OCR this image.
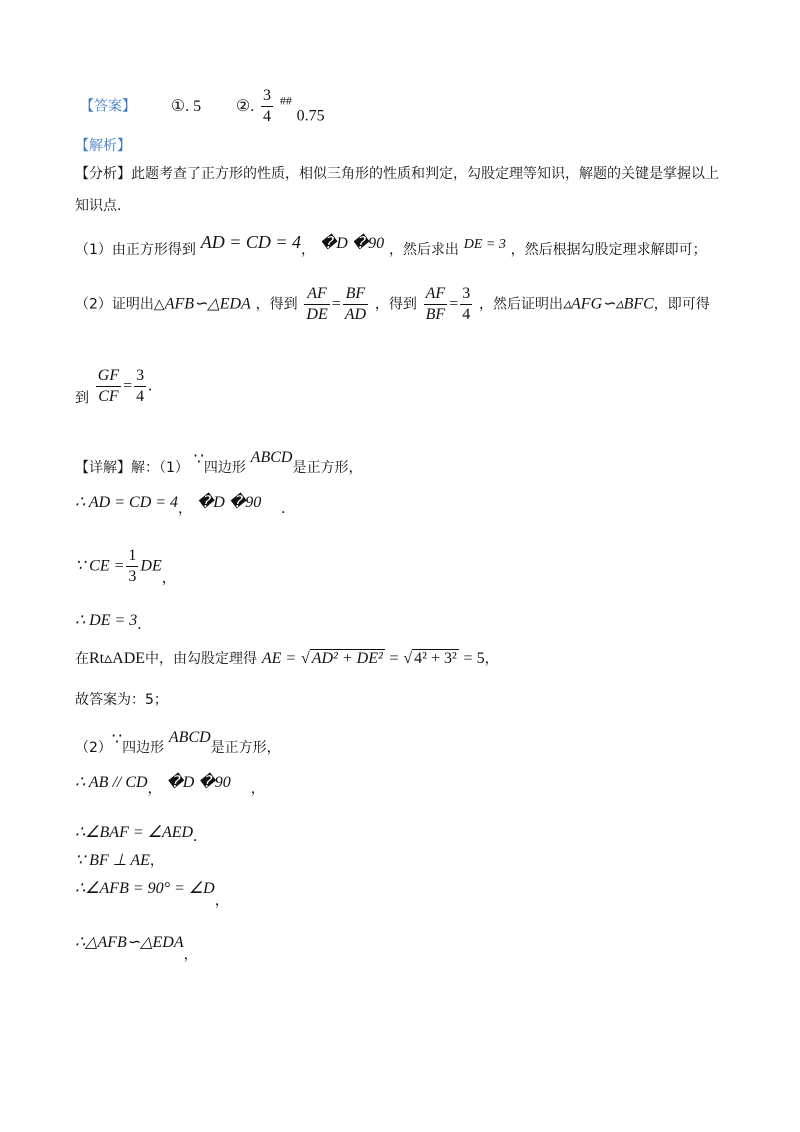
【答案】 ①. 5 ②. $\frac{3}{4} ^{\#\#}$ 0.75
【解析】
【分析】此题考查了正方形的性质，相似三角形的性质和判定，勾股定理等知识，解题的关键是掌握以上
知识点.
（1）由正方形得到 AD = CD = 4， �D �90 ，然后求出 DE = 3 ，然后根据勾股定理求解即可；
（2）证明出△AFB∽△EDA ，得到 $\frac{AF}{DE} = \frac{BF}{AD}$ ，得到 $\frac{AF}{BF} = \frac{3}{4}$ ，然后证明出▵AFG∽▵BFC，即可得
到 $\frac{GF}{CF} = \frac{3}{4}$ .
【详解】解：（1） ∵四边形 ABCD是正方形，
∴ AD = CD = 4， �D �90 .
∵ CE = $\frac{1}{3}$ DE，
∴ DE = 3.
在Rt▵ADE中，由勾股定理得 AE = √ AD² + DE² = √ 4² + 3² = 5，
故答案为：5；
（2）∵四边形 ABCD是正方形，
∴ AB // CD， �D �90 ，
∴∠BAF = ∠AED.
∵ BF ⊥ AE，
∴∠AFB = 90° = ∠D，
∴△AFB∽△EDA，
